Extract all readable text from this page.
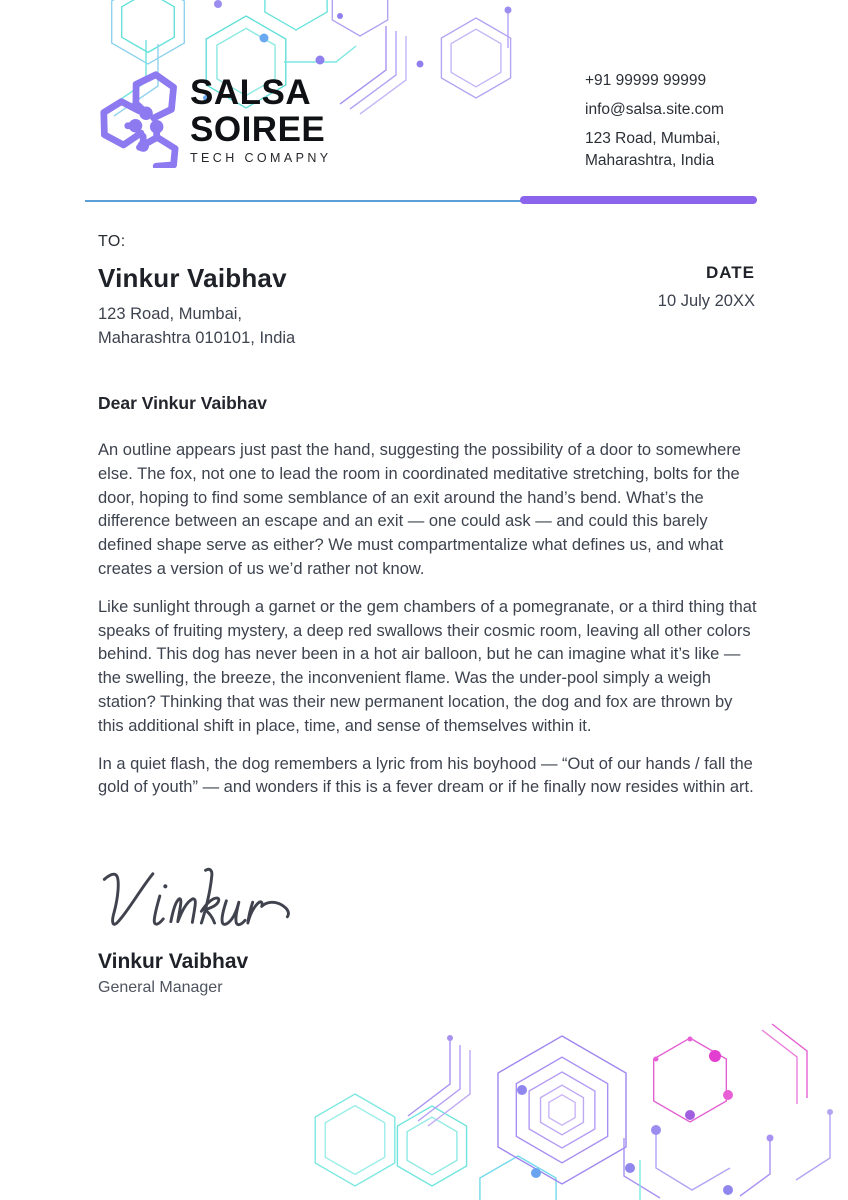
SALSA
SOIREE
TECH COMAPNY
+91 99999 99999
info@salsa.site.com
123 Road, Mumbai,
Maharashtra, India
TO:
Vinkur Vaibhav
123 Road, Mumbai,
Maharashtra 010101, India
DATE
10 July 20XX
Dear Vinkur Vaibhav

An outline appears just past the hand, suggesting the possibility of a door to somewhere else. The fox, not one to lead the room in coordinated meditative stretching, bolts for the door, hoping to find some semblance of an exit around the hand’s bend. What’s the difference between an escape and an exit — one could ask — and could this barely defined shape serve as either? We must compartmentalize what defines us, and what creates a version of us we’d rather not know.

Like sunlight through a garnet or the gem chambers of a pomegranate, or a third thing that speaks of fruiting mystery, a deep red swallows their cosmic room, leaving all other colors behind. This dog has never been in a hot air balloon, but he can imagine what it’s like — the swelling, the breeze, the inconvenient flame. Was the under-pool simply a weigh station? Thinking that was their new permanent location, the dog and fox are thrown by this additional shift in place, time, and sense of themselves within it.

In a quiet flash, the dog remembers a lyric from his boyhood — “Out of our hands / fall the gold of youth” — and wonders if this is a fever dream or if he finally now resides within art.

Vinkur Vaibhav
General Manager
